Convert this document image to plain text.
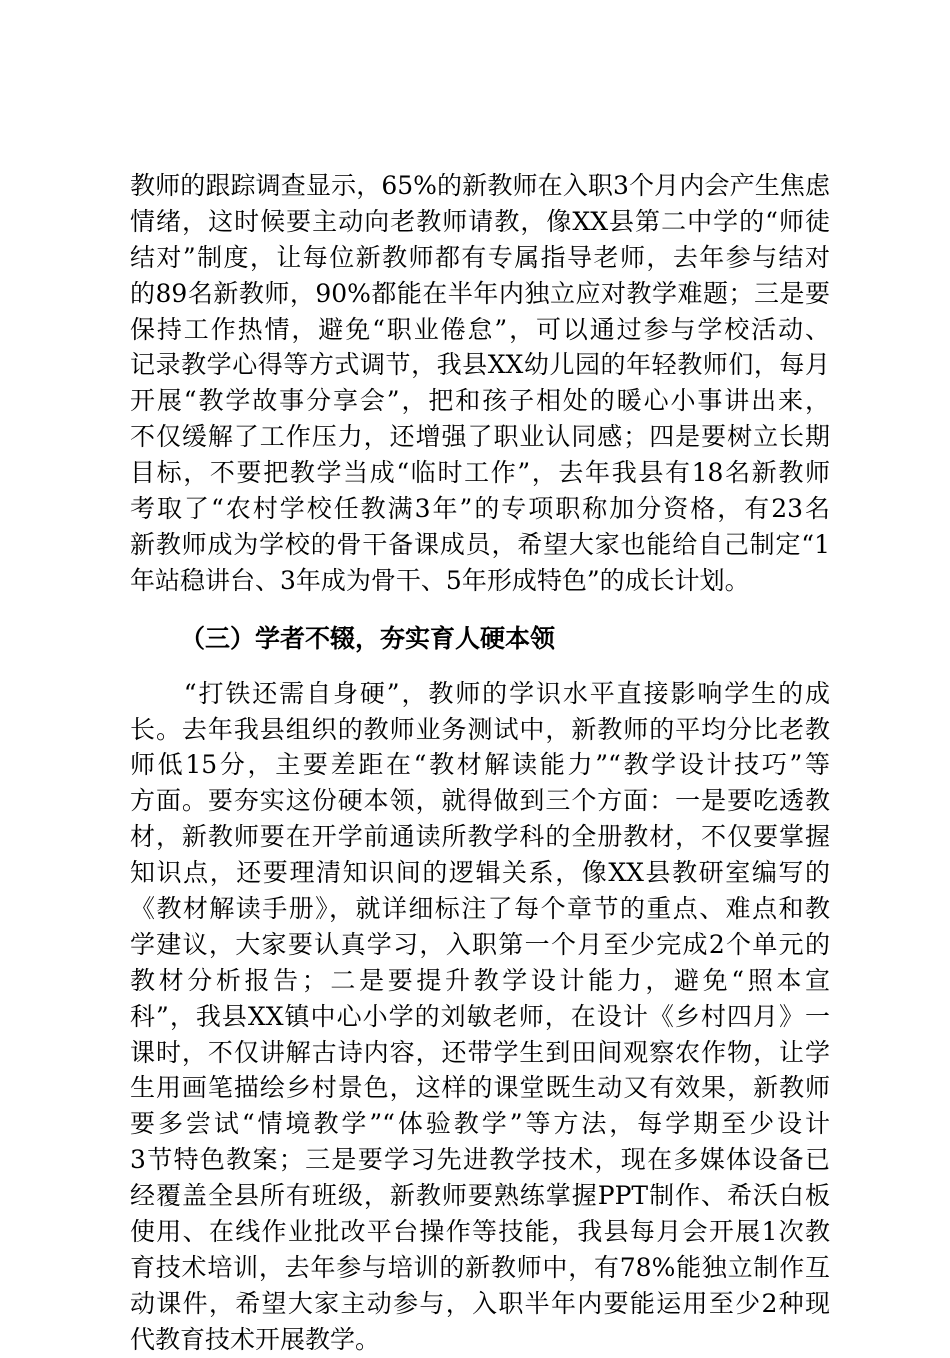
教师的跟踪调查显示，65%的新教师在入职3个月内会产生焦虑
情绪，这时候要主动向老教师请教，像XX县第二中学的“师徒
结对”制度，让每位新教师都有专属指导老师，去年参与结对
的89名新教师，90%都能在半年内独立应对教学难题；三是要
保持工作热情，避免“职业倦怠”，可以通过参与学校活动、
记录教学心得等方式调节，我县XX幼儿园的年轻教师们，每月
开展“教学故事分享会”，把和孩子相处的暖心小事讲出来，
不仅缓解了工作压力，还增强了职业认同感；四是要树立长期
目标，不要把教学当成“临时工作”，去年我县有18名新教师
考取了“农村学校任教满3年”的专项职称加分资格，有23名
新教师成为学校的骨干备课成员，希望大家也能给自己制定“1
年站稳讲台、3年成为骨干、5年形成特色”的成长计划。
（三）学者不辍，夯实育人硬本领
　　“打铁还需自身硬”，教师的学识水平直接影响学生的成
长。去年我县组织的教师业务测试中，新教师的平均分比老教
师低15分，主要差距在“教材解读能力”“教学设计技巧”等
方面。要夯实这份硬本领，就得做到三个方面：一是要吃透教
材，新教师要在开学前通读所教学科的全册教材，不仅要掌握
知识点，还要理清知识间的逻辑关系，像XX县教研室编写的
《教材解读手册》，就详细标注了每个章节的重点、难点和教
学建议，大家要认真学习，入职第一个月至少完成2个单元的
教材分析报告；二是要提升教学设计能力，避免“照本宣
科”，我县XX镇中心小学的刘敏老师，在设计《乡村四月》一
课时，不仅讲解古诗内容，还带学生到田间观察农作物，让学
生用画笔描绘乡村景色，这样的课堂既生动又有效果，新教师
要多尝试“情境教学”“体验教学”等方法，每学期至少设计
3节特色教案；三是要学习先进教学技术，现在多媒体设备已
经覆盖全县所有班级，新教师要熟练掌握PPT制作、希沃白板
使用、在线作业批改平台操作等技能，我县每月会开展1次教
育技术培训，去年参与培训的新教师中，有78%能独立制作互
动课件，希望大家主动参与，入职半年内要能运用至少2种现
代教育技术开展教学。
